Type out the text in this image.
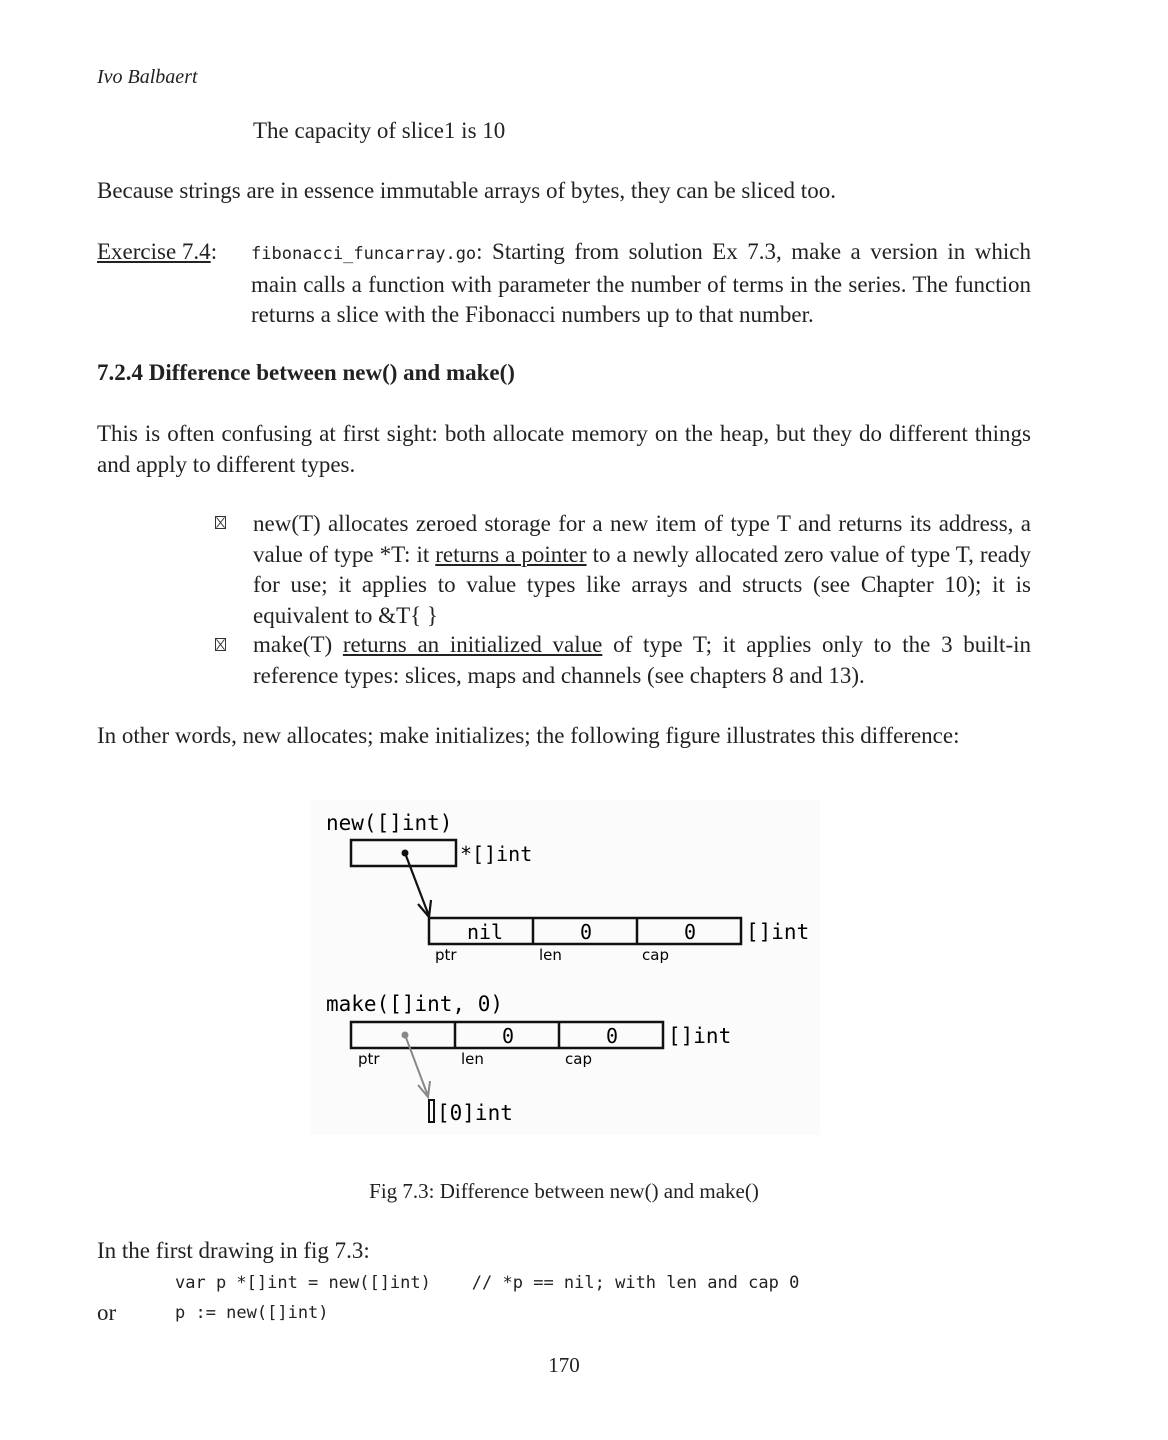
Ivo Balbaert
The capacity of slice1 is 10
Because strings are in essence immutable arrays of bytes, they can be sliced too.
Exercise 7.4: fibonacci_funcarray.go: Starting from solution Ex 7.3, make a version in which main calls a function with parameter the number of terms in the series. The function returns a slice with the Fibonacci numbers up to that number.
7.2.4 Difference between new() and make()
This is often confusing at first sight: both allocate memory on the heap, but they do different things and apply to different types.
new(T) allocates zeroed storage for a new item of type T and returns its address, a value of type *T: it returns a pointer to a newly allocated zero value of type T, ready for use; it applies to value types like arrays and structs (see Chapter 10); it is equivalent to &T{ }
make(T) returns an initialized value of type T; it applies only to the 3 built-in reference types: slices, maps and channels (see chapters 8 and 13).
In other words, new allocates; make initializes; the following figure illustrates this difference:
new([]int)
*[]int
nil	0	0 []int
ptr	len	cap
make([]int, 0)
0	0 []int
ptr	len	cap
[0]int
Fig 7.3: Difference between new() and make()
In the first drawing in fig 7.3:
var p *[]int = new([]int)    // *p == nil; with len and cap 0
or	p := new([]int)
170
